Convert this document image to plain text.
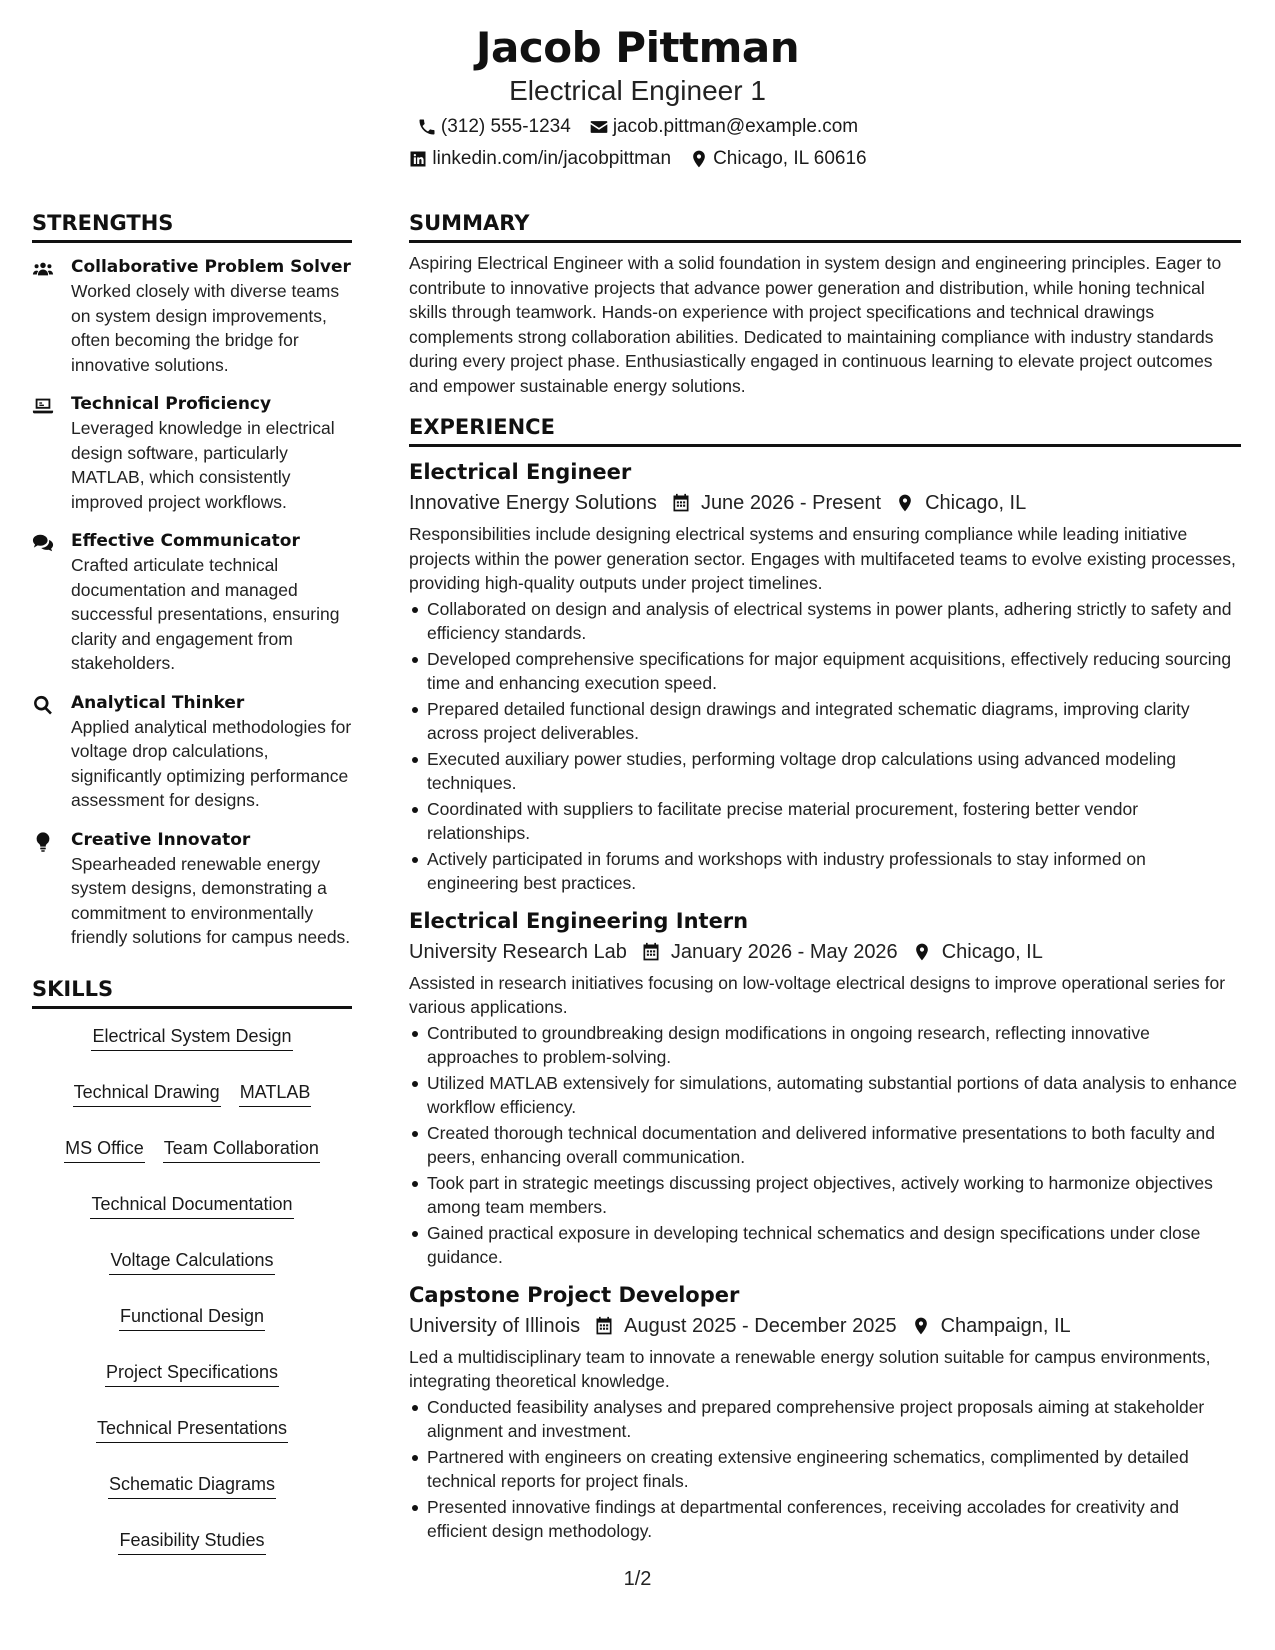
Jacob Pittman
Electrical Engineer 1
(312) 555-1234 jacob.pittman@example.com
linkedin.com/in/jacobpittman Chicago, IL 60616
STRENGTHS
Collaborative Problem Solver
Worked closely with diverse teams on system design improvements, often becoming the bridge for innovative solutions.
Technical Proficiency
Leveraged knowledge in electrical design software, particularly MATLAB, which consistently improved project workflows.
Effective Communicator
Crafted articulate technical documentation and managed successful presentations, ensuring clarity and engagement from stakeholders.
Analytical Thinker
Applied analytical methodologies for voltage drop calculations, significantly optimizing performance assessment for designs.
Creative Innovator
Spearheaded renewable energy system designs, demonstrating a commitment to environmentally friendly solutions for campus needs.
SKILLS
Electrical System Design
Technical Drawing MATLAB
MS Office Team Collaboration
Technical Documentation
Voltage Calculations
Functional Design
Project Specifications
Technical Presentations
Schematic Diagrams
Feasibility Studies
SUMMARY
Aspiring Electrical Engineer with a solid foundation in system design and engineering principles. Eager to contribute to innovative projects that advance power generation and distribution, while honing technical skills through teamwork. Hands-on experience with project specifications and technical drawings complements strong collaboration abilities. Dedicated to maintaining compliance with industry standards during every project phase. Enthusiastically engaged in continuous learning to elevate project outcomes and empower sustainable energy solutions.
EXPERIENCE
Electrical Engineer
Innovative Energy Solutions June 2026 - Present Chicago, IL
Responsibilities include designing electrical systems and ensuring compliance while leading initiative projects within the power generation sector. Engages with multifaceted teams to evolve existing processes, providing high-quality outputs under project timelines.
Collaborated on design and analysis of electrical systems in power plants, adhering strictly to safety and efficiency standards.
Developed comprehensive specifications for major equipment acquisitions, effectively reducing sourcing time and enhancing execution speed.
Prepared detailed functional design drawings and integrated schematic diagrams, improving clarity across project deliverables.
Executed auxiliary power studies, performing voltage drop calculations using advanced modeling techniques.
Coordinated with suppliers to facilitate precise material procurement, fostering better vendor relationships.
Actively participated in forums and workshops with industry professionals to stay informed on engineering best practices.
Electrical Engineering Intern
University Research Lab January 2026 - May 2026 Chicago, IL
Assisted in research initiatives focusing on low-voltage electrical designs to improve operational series for various applications.
Contributed to groundbreaking design modifications in ongoing research, reflecting innovative approaches to problem-solving.
Utilized MATLAB extensively for simulations, automating substantial portions of data analysis to enhance workflow efficiency.
Created thorough technical documentation and delivered informative presentations to both faculty and peers, enhancing overall communication.
Took part in strategic meetings discussing project objectives, actively working to harmonize objectives among team members.
Gained practical exposure in developing technical schematics and design specifications under close guidance.
Capstone Project Developer
University of Illinois August 2025 - December 2025 Champaign, IL
Led a multidisciplinary team to innovate a renewable energy solution suitable for campus environments, integrating theoretical knowledge.
Conducted feasibility analyses and prepared comprehensive project proposals aiming at stakeholder alignment and investment.
Partnered with engineers on creating extensive engineering schematics, complimented by detailed technical reports for project finals.
Presented innovative findings at departmental conferences, receiving accolades for creativity and efficient design methodology.
1/2
